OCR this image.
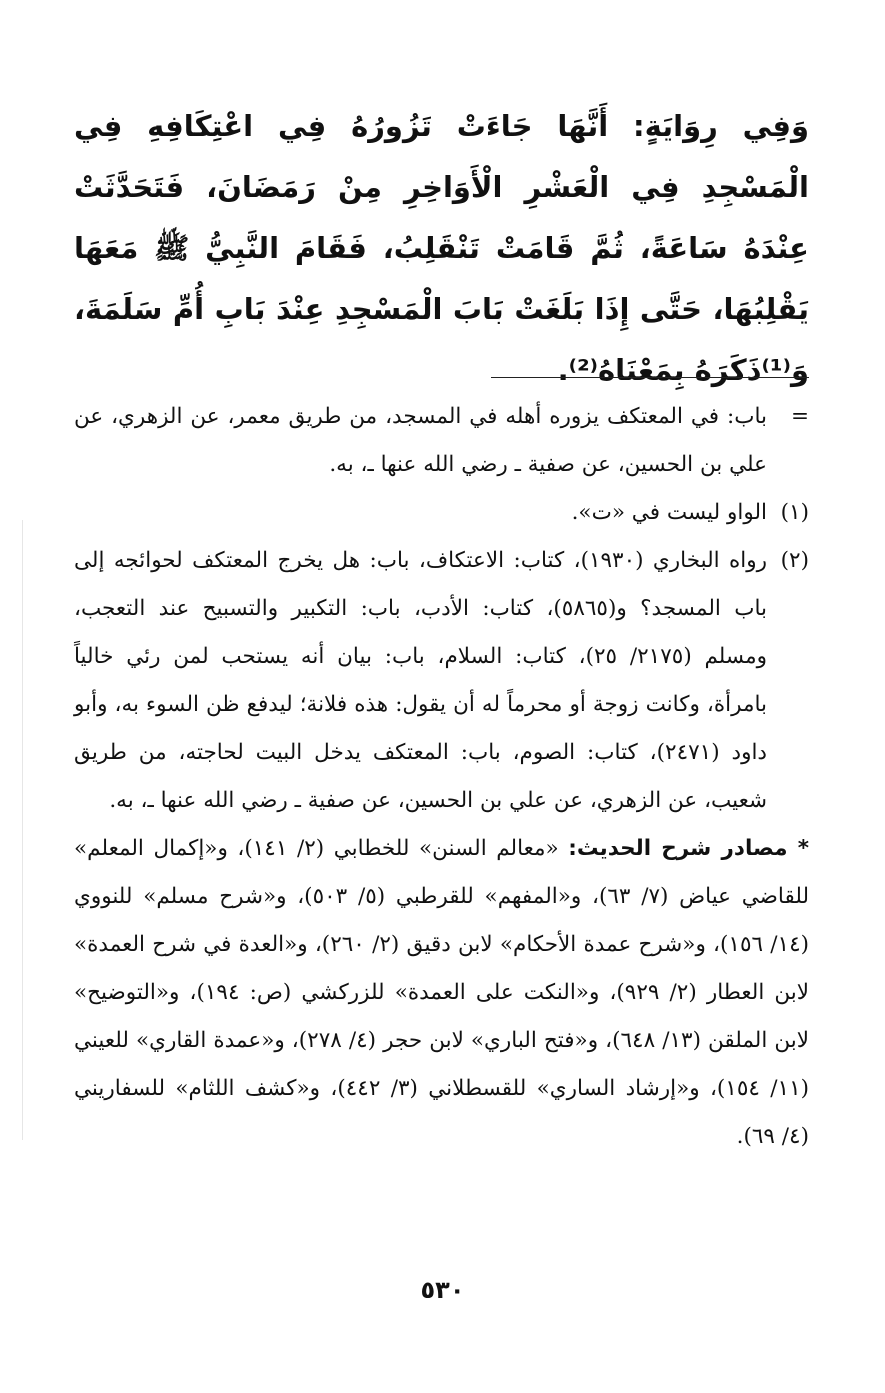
وَفِي رِوَايَةٍ: أَنَّهَا جَاءَتْ تَزُورُهُ فِي اعْتِكَافِهِ فِي الْمَسْجِدِ فِي الْعَشْرِ الْأَوَاخِرِ مِنْ رَمَضَانَ، فَتَحَدَّثَتْ عِنْدَهُ سَاعَةً، ثُمَّ قَامَتْ تَنْقَلِبُ، فَقَامَ النَّبِيُّ ﷺ مَعَهَا يَقْلِبُهَا، حَتَّى إِذَا بَلَغَتْ بَابَ الْمَسْجِدِ عِنْدَ بَابِ أُمِّ سَلَمَةَ، وَ⁽¹⁾ذَكَرَهُ بِمَعْنَاهُ⁽²⁾.

=
باب: في المعتكف يزوره أهله في المسجد، من طريق معمر، عن الزهري، عن علي بن الحسين، عن صفية ـ رضي الله عنها ـ، به.
(١)
الواو ليست في «ت».
(٢)
رواه البخاري (١٩٣٠)، كتاب: الاعتكاف، باب: هل يخرج المعتكف لحوائجه إلى باب المسجد؟ و(٥٨٦٥)، كتاب: الأدب، باب: التكبير والتسبيح عند التعجب، ومسلم (٢١٧٥/ ٢٥)، كتاب: السلام، باب: بيان أنه يستحب لمن رئي خالياً بامرأة، وكانت زوجة أو محرماً له أن يقول: هذه فلانة؛ ليدفع ظن السوء به، وأبو داود (٢٤٧١)، كتاب: الصوم، باب: المعتكف يدخل البيت لحاجته، من طريق شعيب، عن الزهري، عن علي بن الحسين، عن صفية ـ رضي الله عنها ـ، به.
* مصادر شرح الحديث: «معالم السنن» للخطابي (٢/ ١٤١)، و«إكمال المعلم» للقاضي عياض (٧/ ٦٣)، و«المفهم» للقرطبي (٥/ ٥٠٣)، و«شرح مسلم» للنووي (١٤/ ١٥٦)، و«شرح عمدة الأحكام» لابن دقيق (٢/ ٢٦٠)، و«العدة في شرح العمدة» لابن العطار (٢/ ٩٢٩)، و«النكت على العمدة» للزركشي (ص: ١٩٤)، و«التوضيح» لابن الملقن (١٣/ ٦٤٨)، و«فتح الباري» لابن حجر (٤/ ٢٧٨)، و«عمدة القاري» للعيني (١١/ ١٥٤)، و«إرشاد الساري» للقسطلاني (٣/ ٤٤٢)، و«كشف اللثام» للسفاريني (٤/ ٦٩).
٥٣٠
